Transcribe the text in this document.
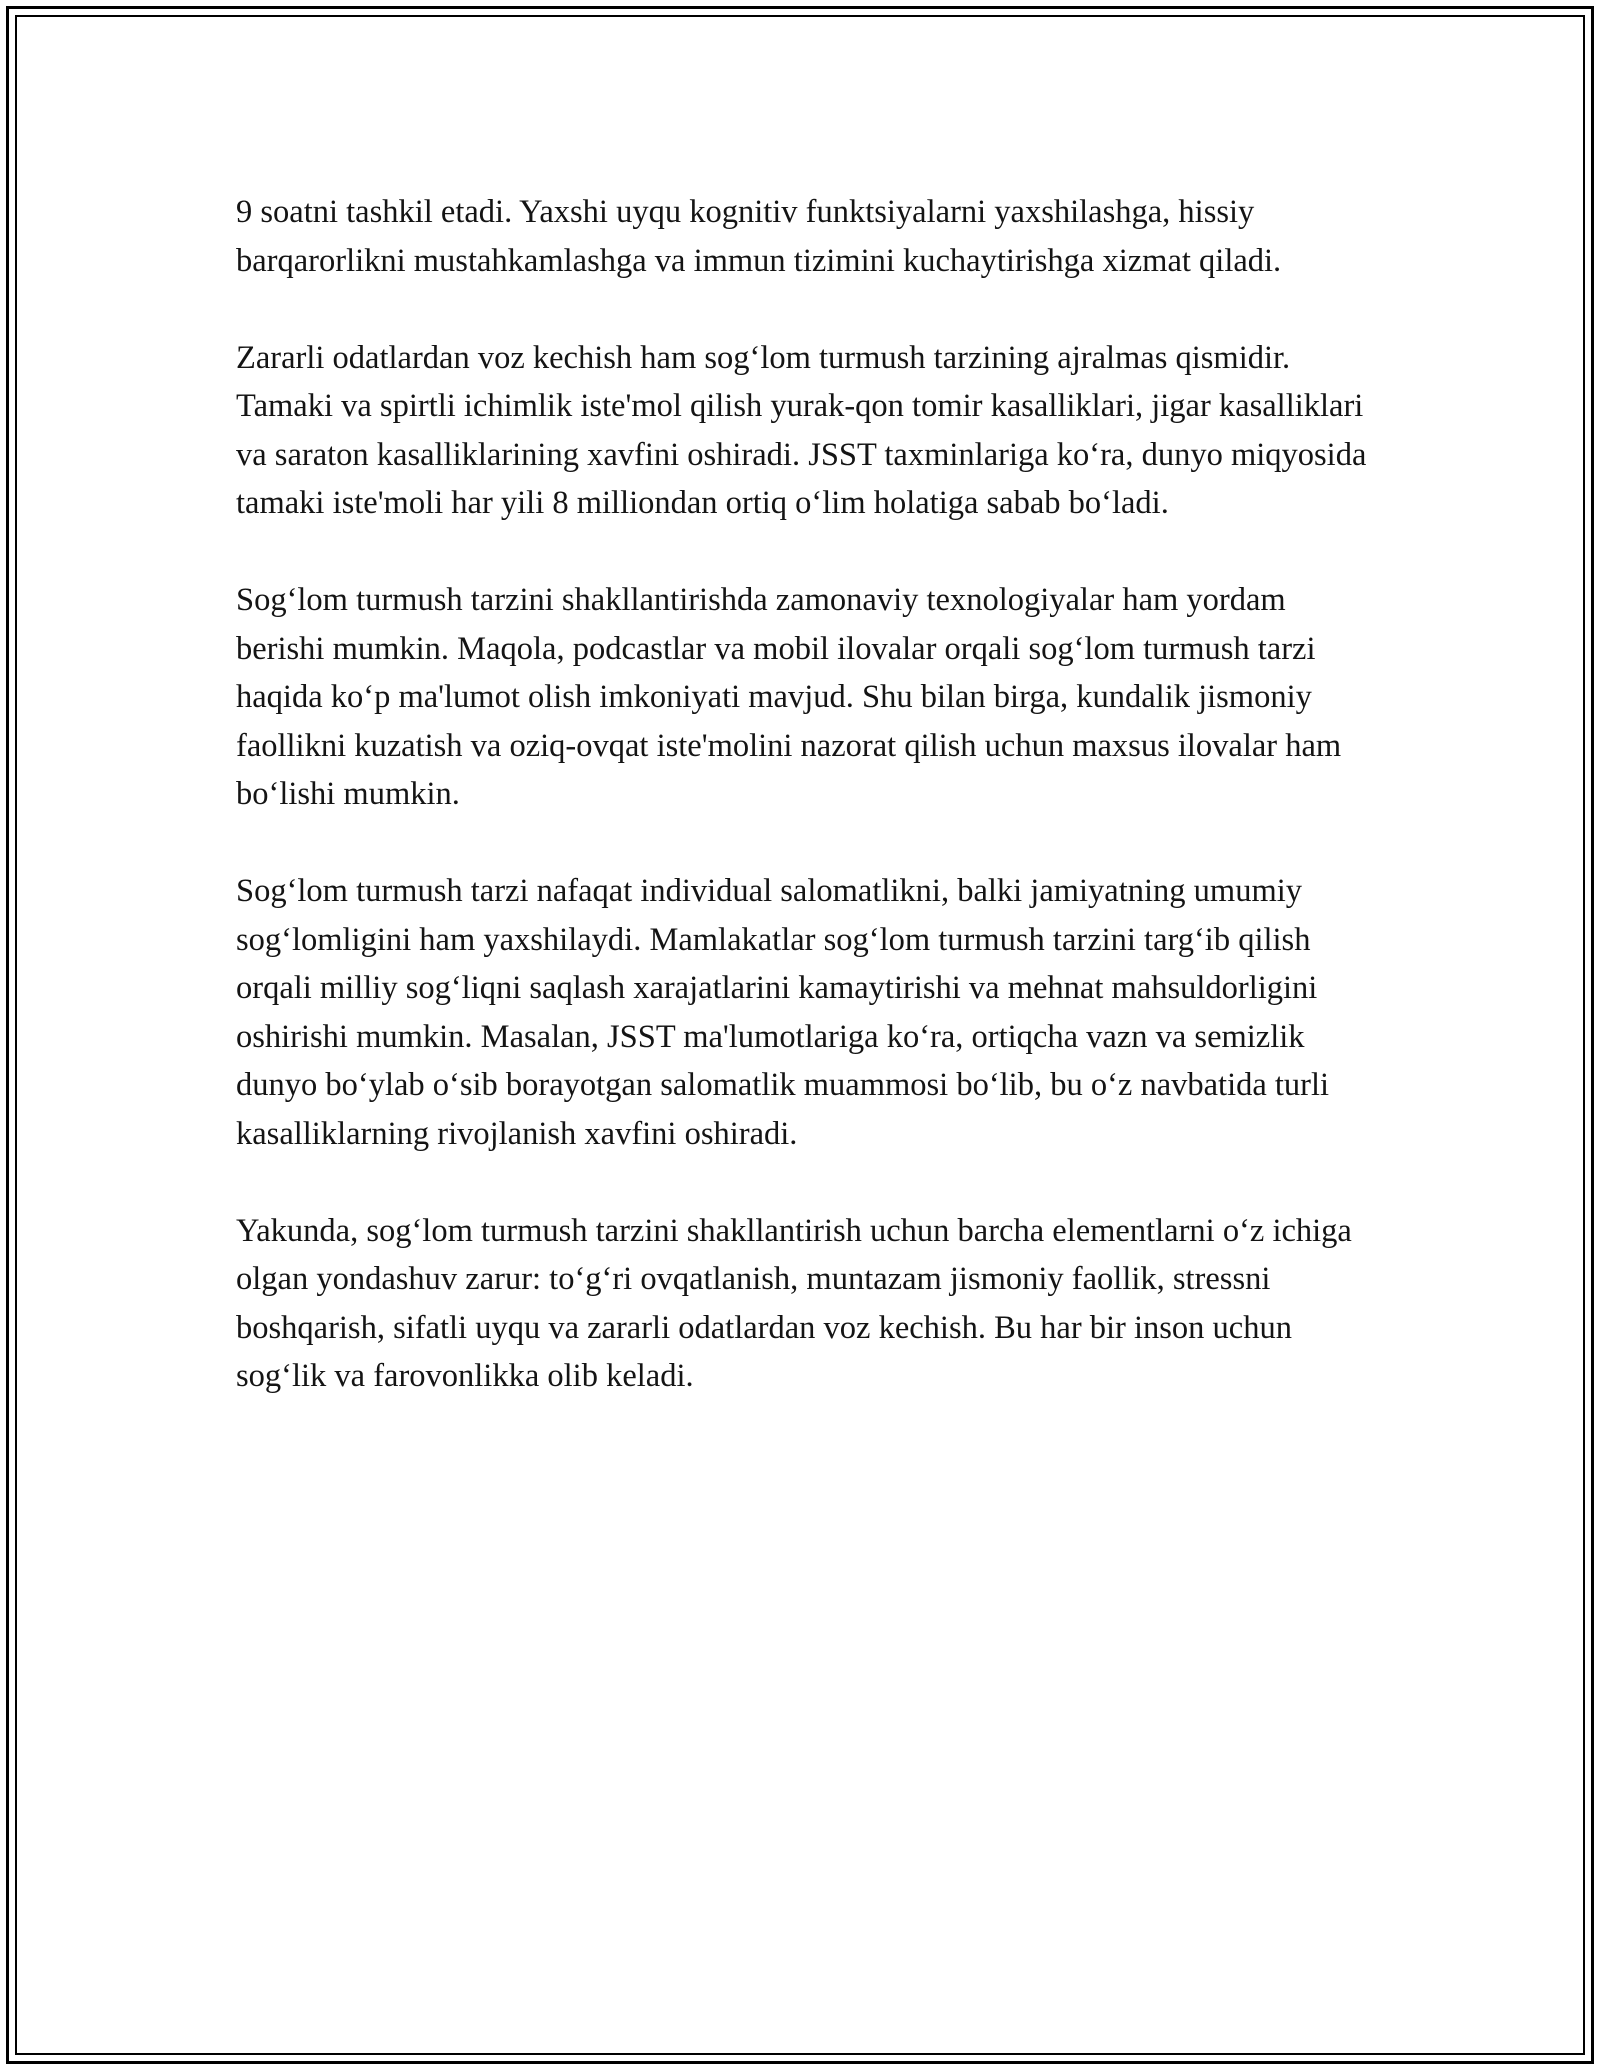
9 soatni tashkil etadi. Yaxshi uyqu kognitiv funktsiyalarni yaxshilashga, hissiy barqarorlikni mustahkamlashga va immun tizimini kuchaytirishga xizmat qiladi.

Zararli odatlardan voz kechish ham sog‘lom turmush tarzining ajralmas qismidir. Tamaki va spirtli ichimlik iste'mol qilish yurak-qon tomir kasalliklari, jigar kasalliklari va saraton kasalliklarining xavfini oshiradi. JSST taxminlariga ko‘ra, dunyo miqyosida tamaki iste'moli har yili 8 milliondan ortiq o‘lim holatiga sabab bo‘ladi.

Sog‘lom turmush tarzini shakllantirishda zamonaviy texnologiyalar ham yordam berishi mumkin. Maqola, podcastlar va mobil ilovalar orqali sog‘lom turmush tarzi haqida ko‘p ma'lumot olish imkoniyati mavjud. Shu bilan birga, kundalik jismoniy faollikni kuzatish va oziq-ovqat iste'molini nazorat qilish uchun maxsus ilovalar ham bo‘lishi mumkin.

Sog‘lom turmush tarzi nafaqat individual salomatlikni, balki jamiyatning umumiy sog‘lomligini ham yaxshilaydi. Mamlakatlar sog‘lom turmush tarzini targ‘ib qilish orqali milliy sog‘liqni saqlash xarajatlarini kamaytirishi va mehnat mahsuldorligini oshirishi mumkin. Masalan, JSST ma'lumotlariga ko‘ra, ortiqcha vazn va semizlik dunyo bo‘ylab o‘sib borayotgan salomatlik muammosi bo‘lib, bu o‘z navbatida turli kasalliklarning rivojlanish xavfini oshiradi.

Yakunda, sog‘lom turmush tarzini shakllantirish uchun barcha elementlarni o‘z ichiga olgan yondashuv zarur: to‘g‘ri ovqatlanish, muntazam jismoniy faollik, stressni boshqarish, sifatli uyqu va zararli odatlardan voz kechish. Bu har bir inson uchun sog‘lik va farovonlikka olib keladi.
